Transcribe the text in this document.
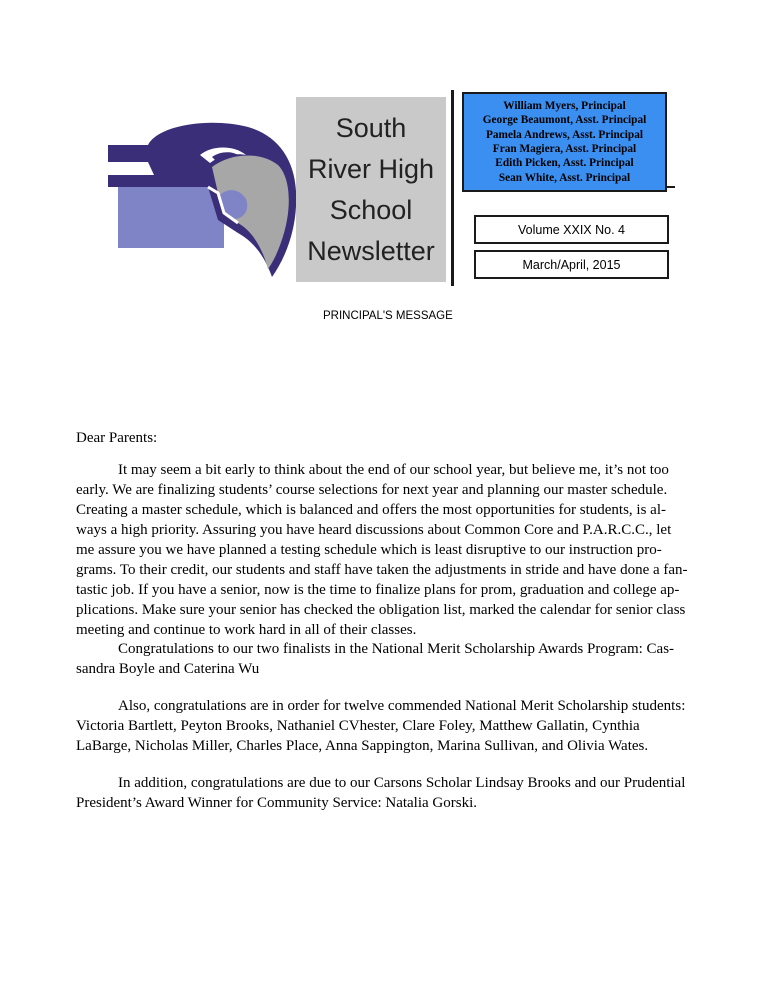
South
River High
School
Newsletter
William Myers, Principal
George Beaumont, Asst. Principal
Pamela Andrews, Asst. Principal
Fran Magiera, Asst. Principal
Edith Picken, Asst. Principal
Sean White, Asst. Principal
Volume XXIX No. 4
March/April, 2015
PRINCIPAL'S MESSAGE
Dear Parents:
It may seem a bit early to think about the end of our school year, but believe me, it’s not too
early. We are finalizing students’ course selections for next year and planning our master schedule.
Creating a master schedule, which is balanced and offers the most opportunities for students, is al-
ways a high priority. Assuring you have heard discussions about Common Core and P.A.R.C.C., let
me assure you we have planned a testing schedule which is least disruptive to our instruction pro-
grams. To their credit, our students and staff have taken the adjustments in stride and have done a fan-
tastic job. If you have a senior, now is the time to finalize plans for prom, graduation and college ap-
plications. Make sure your senior has checked the obligation list, marked the calendar for senior class
meeting and continue to work hard in all of their classes.
Congratulations to our two finalists in the National Merit Scholarship Awards Program: Cas-
sandra Boyle and Caterina Wu
Also, congratulations are in order for twelve commended National Merit Scholarship students:
Victoria Bartlett, Peyton Brooks, Nathaniel CVhester, Clare Foley, Matthew Gallatin, Cynthia
LaBarge, Nicholas Miller, Charles Place, Anna Sappington, Marina Sullivan, and Olivia Wates.
In addition, congratulations are due to our Carsons Scholar Lindsay Brooks and our Prudential
President’s Award Winner for Community Service: Natalia Gorski.
